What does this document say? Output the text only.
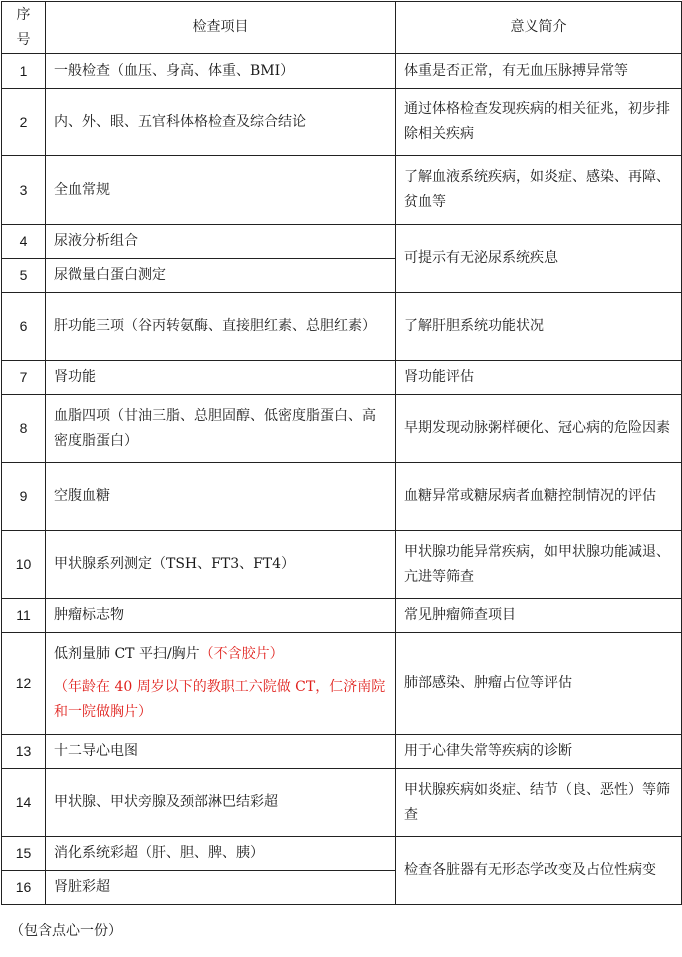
序号	检查项目	意义简介
1	一般检查（血压、身高、体重、BMI）	体重是否正常，有无血压脉搏异常等
2	内、外、眼、五官科体格检查及综合结论	通过体格检查发现疾病的相关征兆，初步排除相关疾病
3	全血常规	了解血液系统疾病，如炎症、感染、再障、贫血等
4	尿液分析组合	可提示有无泌尿系统疾息
5	尿微量白蛋白测定	
6	肝功能三项（谷丙转氨酶、直接胆红素、总胆红素）	了解肝胆系统功能状况
7	肾功能	肾功能评估
8	血脂四项（甘油三脂、总胆固醇、低密度脂蛋白、高密度脂蛋白）	早期发现动脉粥样硬化、冠心病的危险因素
9	空腹血糖	血糖异常或糖尿病者血糖控制情况的评估
10	甲状腺系列测定（TSH、FT3、FT4）	甲状腺功能异常疾病，如甲状腺功能减退、亢进等筛查
11	肿瘤标志物	常见肿瘤筛查项目
12	低剂量肺 CT 平扫/胸片（不含胶片）
（年龄在 40 周岁以下的教职工六院做 CT，仁济南院和一院做胸片）	肺部感染、肿瘤占位等评估
13	十二导心电图	用于心律失常等疾病的诊断
14	甲状腺、甲状旁腺及颈部淋巴结彩超	甲状腺疾病如炎症、结节（良、恶性）等筛查
15	消化系统彩超（肝、胆、脾、胰）	检查各脏器有无形态学改变及占位性病变
16	肾脏彩超	
（包含点心一份）
